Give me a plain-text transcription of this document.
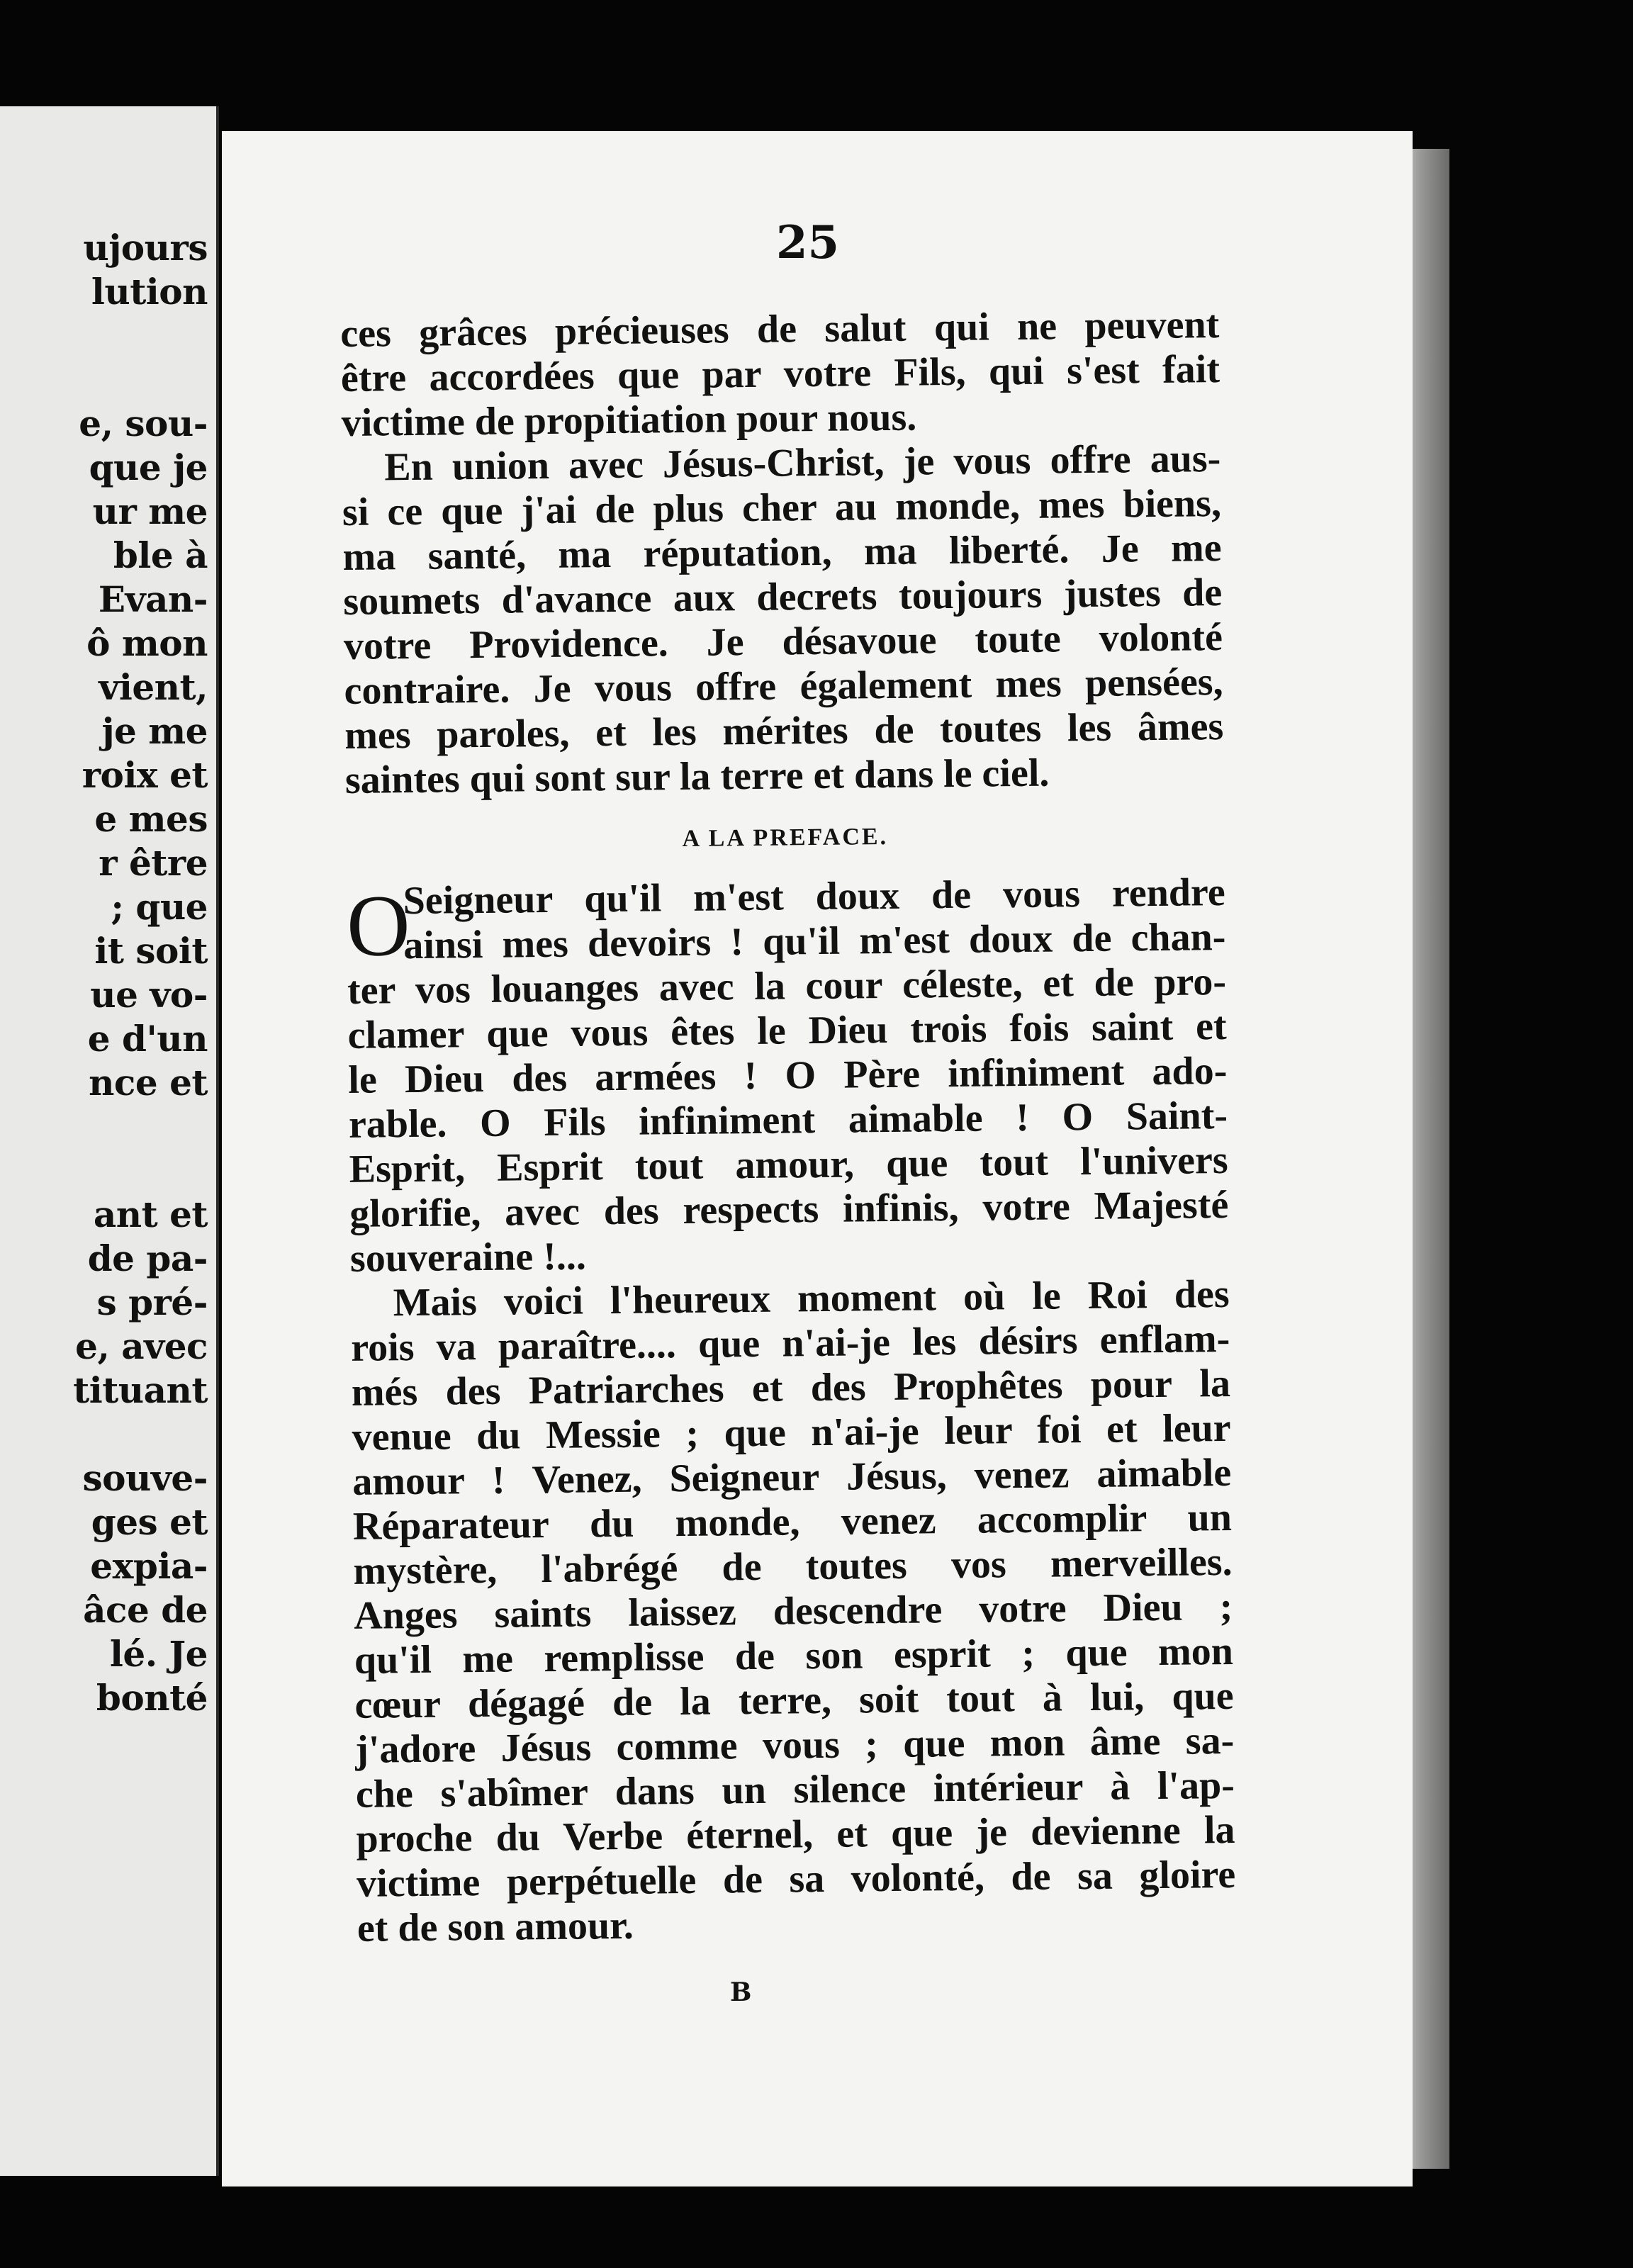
ujours
lution
e, sou-
que je
ur me
ble à
Evan-
ô mon
vient,
je me
roix et
e mes
r être
; que
it soit
ue vo-
e d'un
nce et
ant et
de pa-
s pré-
e, avec
tituant
souve-
ges et
expia-
âce de
lé. Je
bonté
25
ces grâces précieuses de salut qui ne peuvent
être accordées que par votre Fils, qui s'est fait
victime de propitiation pour nous.
En union avec Jésus-Christ, je vous offre aus-
si ce que j'ai de plus cher au monde, mes biens,
ma santé, ma réputation, ma liberté. Je me
soumets d'avance aux decrets toujours justes de
votre Providence. Je désavoue toute volonté
contraire. Je vous offre également mes pensées,
mes paroles, et les mérites de toutes les âmes
saintes qui sont sur la terre et dans le ciel.
A LA PREFACE.
O
Seigneur qu'il m'est doux de vous rendre
ainsi mes devoirs ! qu'il m'est doux de chan-
ter vos louanges avec la cour céleste, et de pro-
clamer que vous êtes le Dieu trois fois saint et
le Dieu des armées ! O Père infiniment ado-
rable. O Fils infiniment aimable ! O Saint-
Esprit, Esprit tout amour, que tout l'univers
glorifie, avec des respects infinis, votre Majesté
souveraine !...
Mais voici l'heureux moment où le Roi des
rois va paraître.... que n'ai-je les désirs enflam-
més des Patriarches et des Prophêtes pour la
venue du Messie ; que n'ai-je leur foi et leur
amour ! Venez, Seigneur Jésus, venez aimable
Réparateur du monde, venez accomplir un
mystère, l'abrégé de toutes vos merveilles.
Anges saints laissez descendre votre Dieu ;
qu'il me remplisse de son esprit ; que mon
cœur dégagé de la terre, soit tout à lui, que
j'adore Jésus comme vous ; que mon âme sa-
che s'abîmer dans un silence intérieur à l'ap-
proche du Verbe éternel, et que je devienne la
victime perpétuelle de sa volonté, de sa gloire
et de son amour.
B
